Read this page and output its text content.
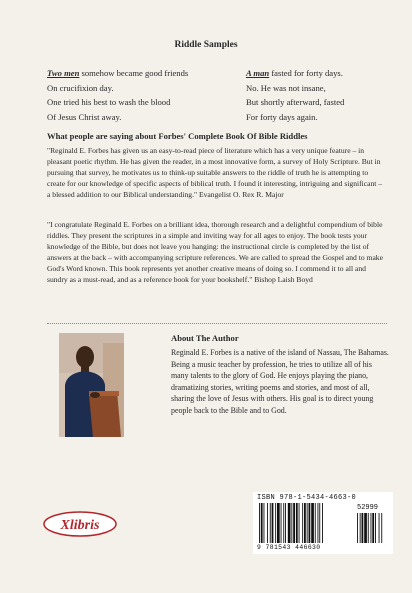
Riddle Samples
Two men somehow became good friends
On crucifixion day.
One tried his best to wash the blood
Of Jesus Christ away.
A man fasted for forty days.
No. He was not insane,
But shortly afterward, fasted
For forty days again.
What people are saying about Forbes' Complete Book Of Bible Riddles
"Reginald E. Forbes has given us an easy-to-read piece of literature which has a very unique feature – in pleasant poetic rhythm. He has given the reader, in a most innovative form, a survey of Holy Scripture. But in pursuing that survey, he motivates us to think-up suitable answers to the riddle of truth he is attempting to create for our knowledge of specific aspects of biblical truth. I found it interesting, intriguing and significant – a blessed addition to our Biblical understanding." Evangelist O. Rex R. Major
"I congratulate Reginald E. Forbes on a brilliant idea, thorough research and a delightful compendium of bible riddles. They present the scriptures in a simple and inviting way for all ages to enjoy. The book tests your knowledge of the Bible, but does not leave you hanging: the instructional circle is completed by the list of answers at the back – with accompanying scripture references. We are called to spread the Gospel and to make God's Word known. This book represents yet another creative means of doing so. I commend it to all and sundry as a must-read, and as a reference book for your bookshelf." Bishop Laish Boyd
About The Author
Reginald E. Forbes is a native of the island of Nassau, The Bahamas. Being a music teacher by profession, he tries to utilize all of his many talents to the glory of God. He enjoys playing the piano, dramatizing stories, writing poems and stories, and most of all, sharing the love of Jesus with others. His goal is to direct young people back to the Bible and to God.
Xlibris
ISBN 978-1-5434-4663-0
52999
9 781543 446630
